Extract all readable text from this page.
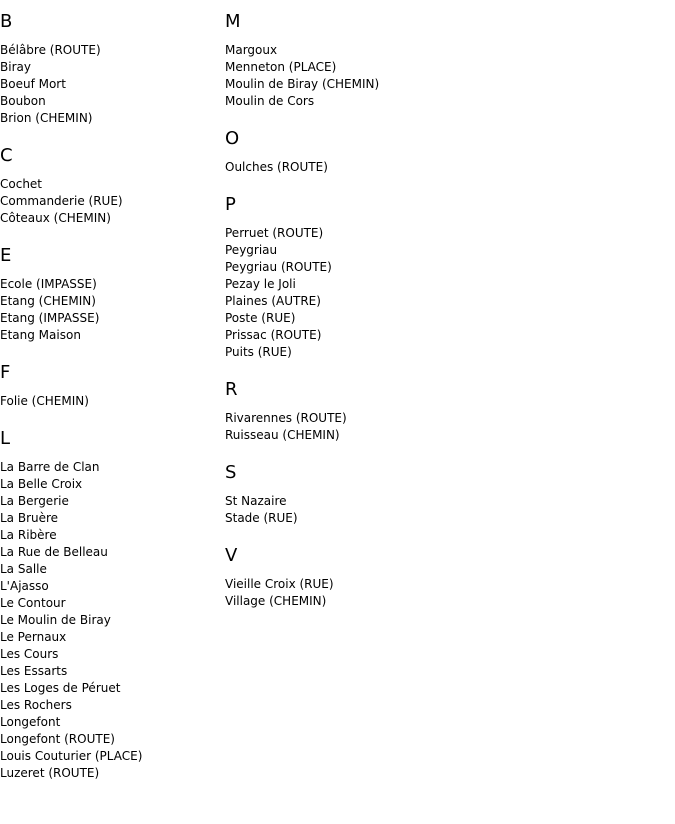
B
Bélâbre (ROUTE)
Biray
Boeuf Mort
Boubon
Brion (CHEMIN)
C
Cochet
Commanderie (RUE)
Côteaux (CHEMIN)
E
Ecole (IMPASSE)
Etang (CHEMIN)
Etang (IMPASSE)
Etang Maison
F
Folie (CHEMIN)
L
La Barre de Clan
La Belle Croix
La Bergerie
La Bruère
La Ribère
La Rue de Belleau
La Salle
L'Ajasso
Le Contour
Le Moulin de Biray
Le Pernaux
Les Cours
Les Essarts
Les Loges de Péruet
Les Rochers
Longefont
Longefont (ROUTE)
Louis Couturier (PLACE)
Luzeret (ROUTE)
M
Margoux
Menneton (PLACE)
Moulin de Biray (CHEMIN)
Moulin de Cors
O
Oulches (ROUTE)
P
Perruet (ROUTE)
Peygriau
Peygriau (ROUTE)
Pezay le Joli
Plaines (AUTRE)
Poste (RUE)
Prissac (ROUTE)
Puits (RUE)
R
Rivarennes (ROUTE)
Ruisseau (CHEMIN)
S
St Nazaire
Stade (RUE)
V
Vieille Croix (RUE)
Village (CHEMIN)
